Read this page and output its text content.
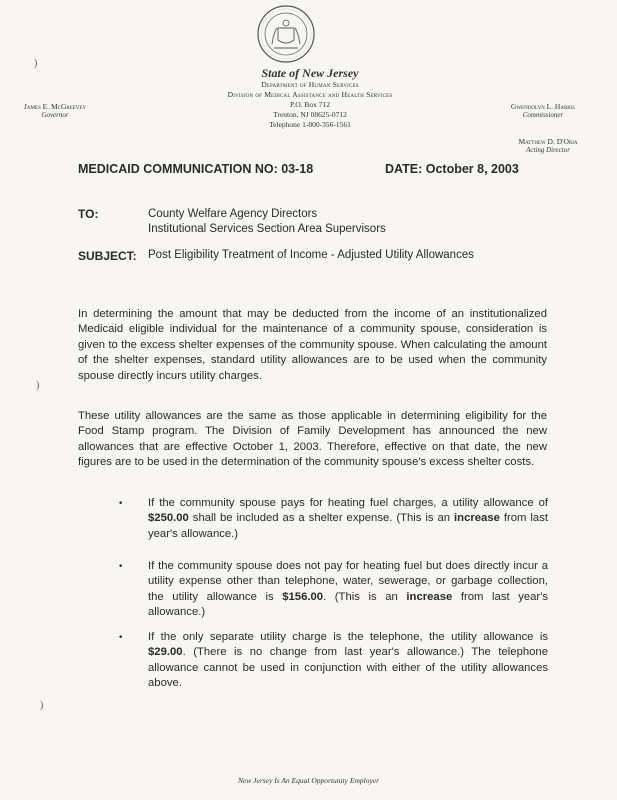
State of New Jersey
Department of Human Services
Division of Medical Assistance and Health Services
P.O. Box 712
Trenton, NJ 08625-0712
Telephone 1-800-356-1561
James E. McGreevey
Governor
Gwendolyn L. Harris
Commissioner
Matthew D. D'Oria
Acting Director
MEDICAID COMMUNICATION NO: 03-18	DATE: October 8, 2003
TO:	County Welfare Agency Directors
Institutional Services Section Area Supervisors
SUBJECT: Post Eligibility Treatment of Income - Adjusted Utility Allowances
In determining the amount that may be deducted from the income of an institutionalized Medicaid eligible individual for the maintenance of a community spouse, consideration is given to the excess shelter expenses of the community spouse. When calculating the amount of the shelter expenses, standard utility allowances are to be used when the community spouse directly incurs utility charges.
These utility allowances are the same as those applicable in determining eligibility for the Food Stamp program. The Division of Family Development has announced the new allowances that are effective October 1, 2003. Therefore, effective on that date, the new figures are to be used in the determination of the community spouse's excess shelter costs.
• If the community spouse pays for heating fuel charges, a utility allowance of $250.00 shall be included as a shelter expense. (This is an increase from last year's allowance.)
• If the community spouse does not pay for heating fuel but does directly incur a utility expense other than telephone, water, sewerage, or garbage collection, the utility allowance is $156.00. (This is an increase from last year's allowance.)
• If the only separate utility charge is the telephone, the utility allowance is $29.00. (There is no change from last year's allowance.) The telephone allowance cannot be used in conjunction with either of the utility allowances above.
New Jersey Is An Equal Opportunity Employer
)
)
)
